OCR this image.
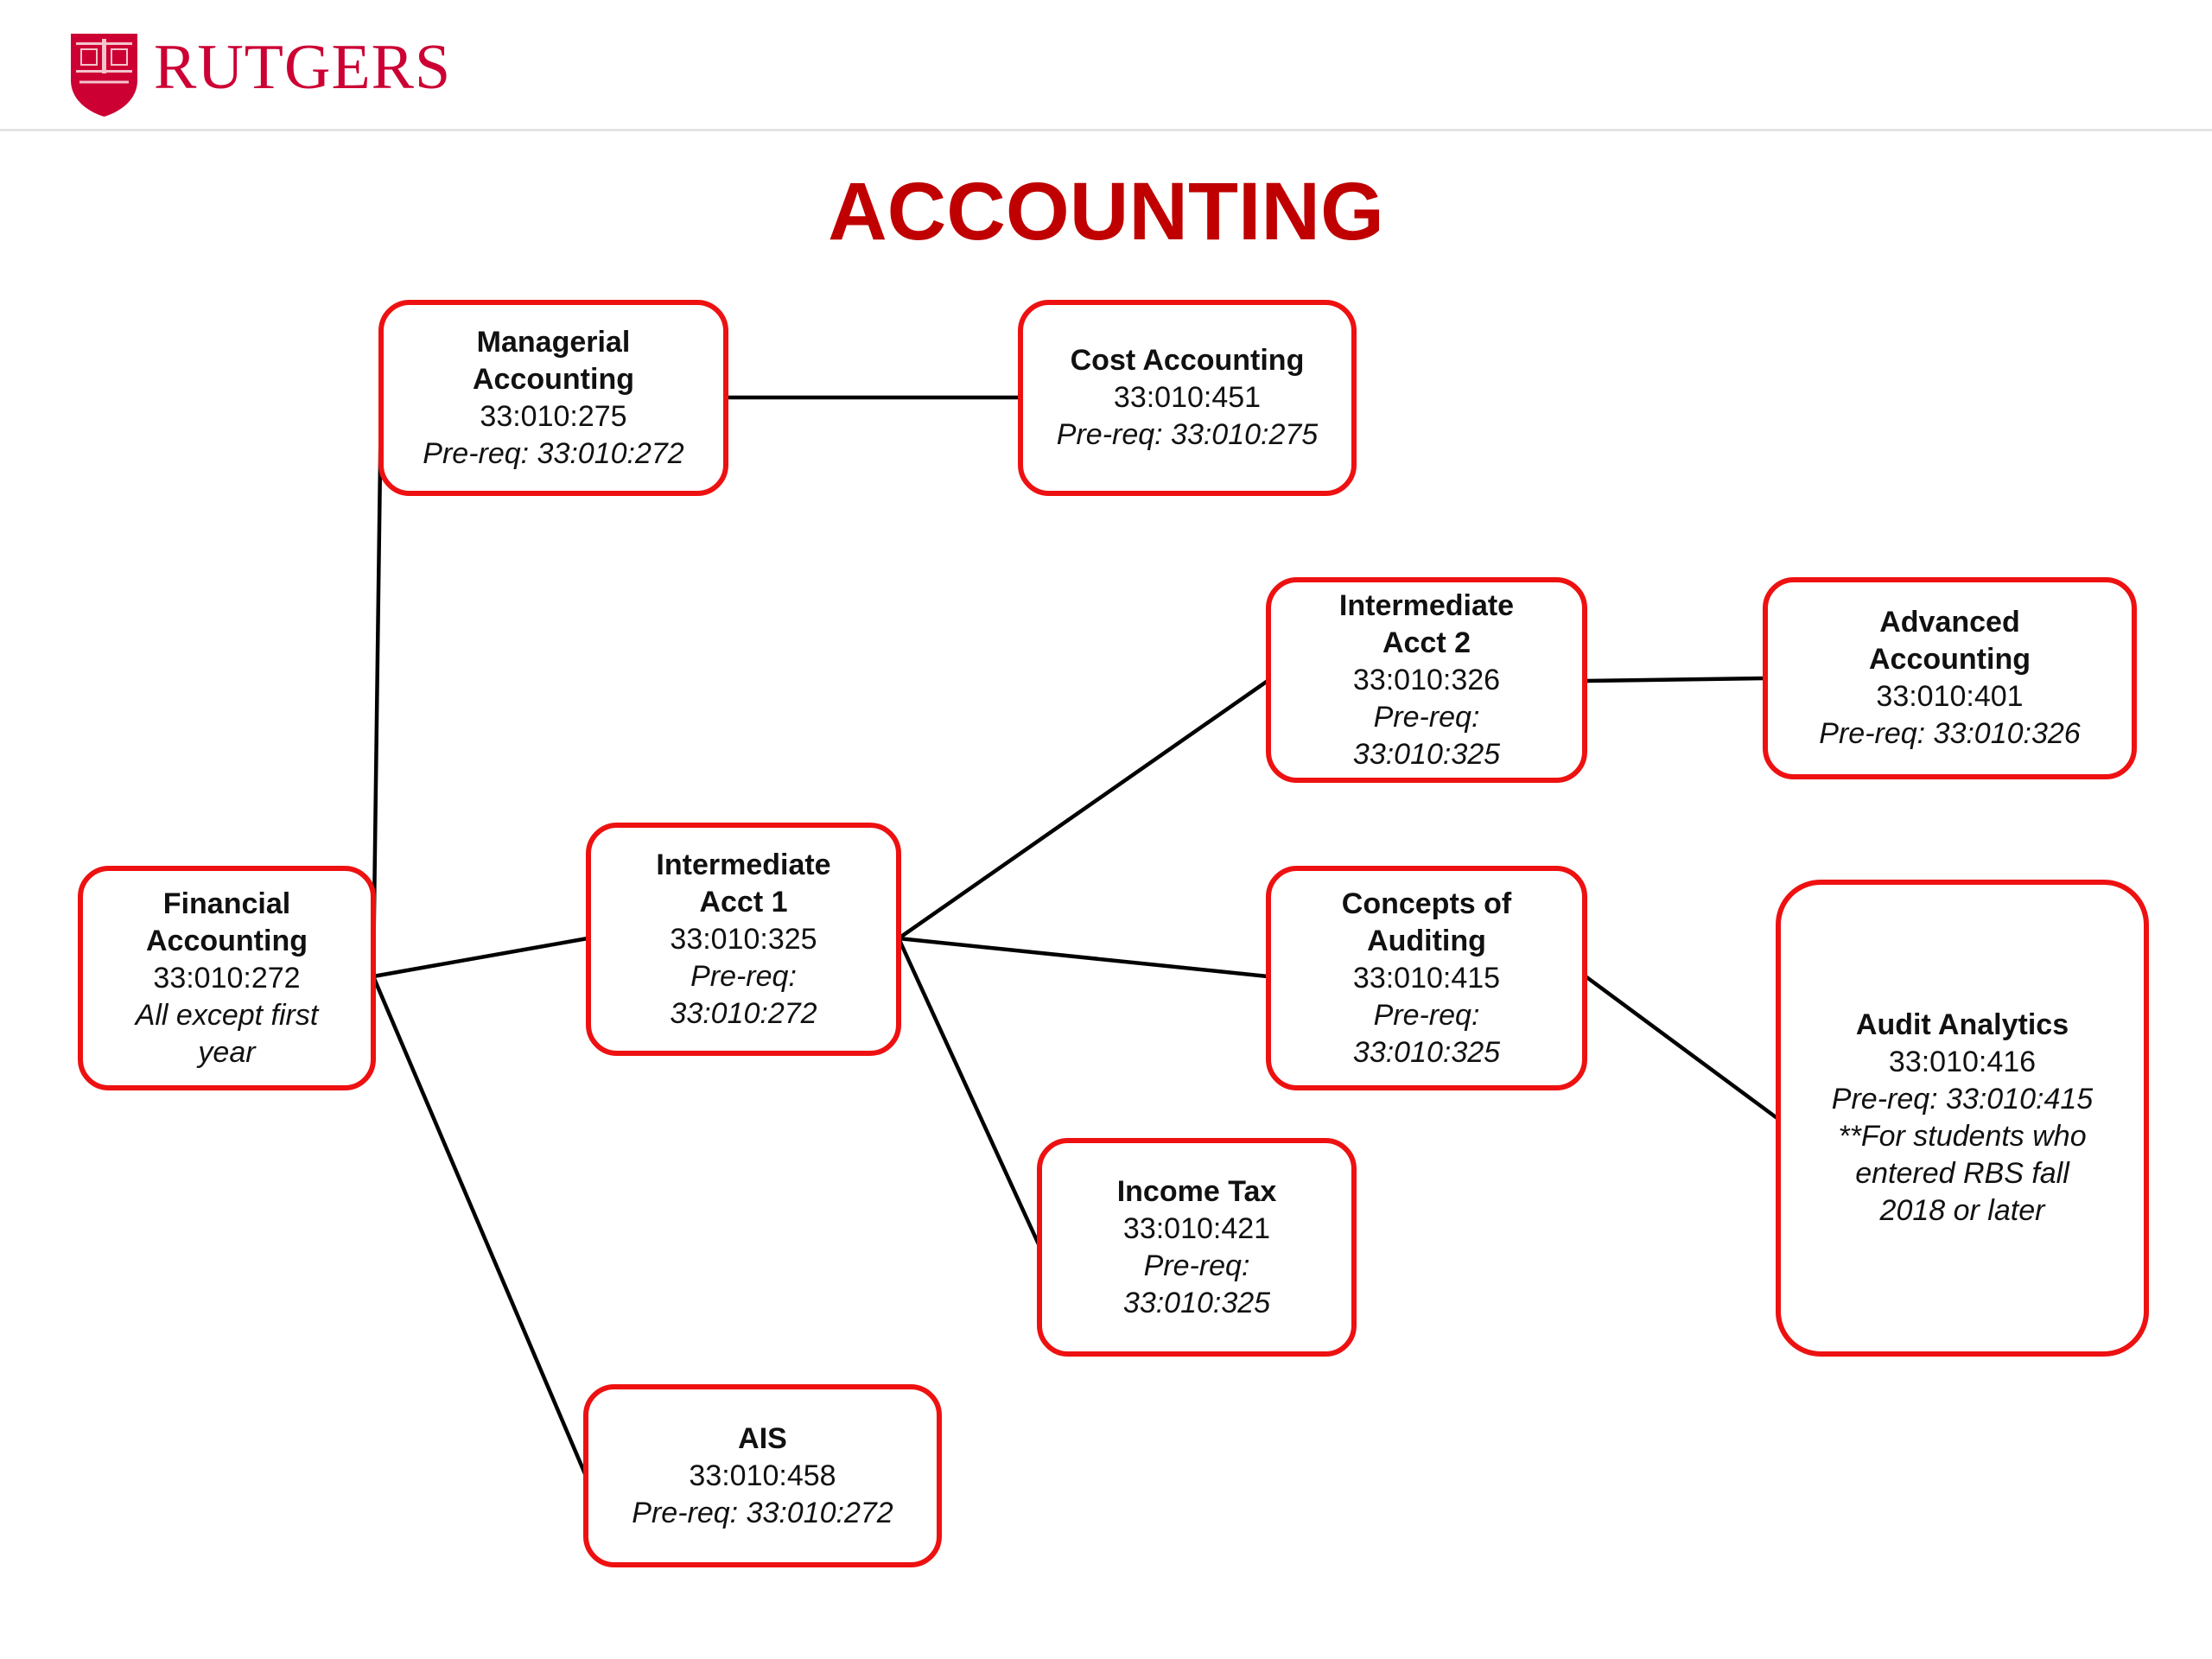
RUTGERS
ACCOUNTING
Managerial
Accounting
33:010:275
Pre-req: 33:010:272
Cost Accounting
33:010:451
Pre-req: 33:010:275
Intermediate
Acct 2
33:010:326
Pre-req:
33:010:325
Advanced
Accounting
33:010:401
Pre-req: 33:010:326
Financial
Accounting
33:010:272
All except first
year
Intermediate
Acct 1
33:010:325
Pre-req:
33:010:272
Concepts of
Auditing
33:010:415
Pre-req:
33:010:325
Audit Analytics
33:010:416
Pre-req: 33:010:415
**For students who
entered RBS fall
2018 or later
Income Tax
33:010:421
Pre-req:
33:010:325
AIS
33:010:458
Pre-req: 33:010:272
